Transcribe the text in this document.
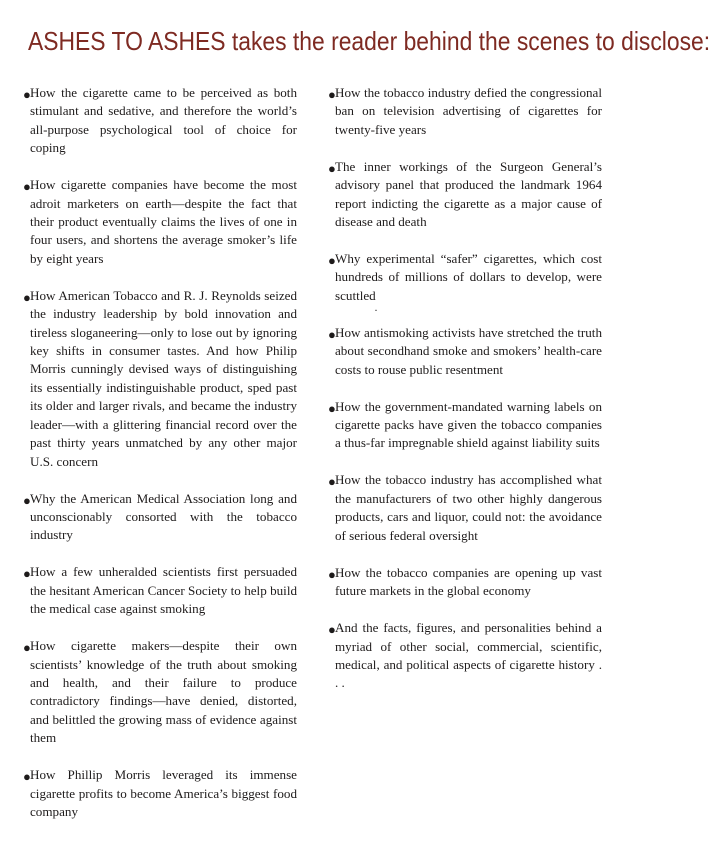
ASHES TO ASHES takes the reader behind the scenes to disclose:
● How the cigarette came to be perceived as both stimulant and sedative, and therefore the world’s all-purpose psychological tool of choice for coping
● How cigarette companies have become the most adroit marketers on earth—despite the fact that their product eventually claims the lives of one in four users, and shortens the average smoker’s life by eight years
● How American Tobacco and R. J. Reynolds seized the industry leadership by bold innovation and tireless sloganeering—only to lose out by ignoring key shifts in consumer tastes. And how Philip Morris cunningly devised ways of distinguishing its essentially indistinguishable product, sped past its older and larger rivals, and became the industry leader—with a glittering financial record over the past thirty years unmatched by any other major U.S. concern
● Why the American Medical Association long and unconscionably consorted with the tobacco industry
● How a few unheralded scientists first persuaded the hesitant American Cancer Society to help build the medical case against smoking
● How cigarette makers—despite their own scientists’ knowledge of the truth about smoking and health, and their failure to produce contradictory findings—have denied, distorted, and belittled the growing mass of evidence against them
● How Phillip Morris leveraged its immense cigarette profits to become America’s biggest food company
● How the tobacco industry defied the congressional ban on television advertising of cigarettes for twenty-five years
● The inner workings of the Surgeon General’s advisory panel that produced the landmark 1964 report indicting the cigarette as a major cause of disease and death
● Why experimental “safer” cigarettes, which cost hundreds of millions of dollars to develop, were scuttled
● How antismoking activists have stretched the truth about secondhand smoke and smokers’ health-care costs to rouse public resentment
● How the government-mandated warning labels on cigarette packs have given the tobacco companies a thus-far impregnable shield against liability suits
● How the tobacco industry has accomplished what the manufacturers of two other highly dangerous products, cars and liquor, could not: the avoidance of serious federal oversight
● How the tobacco companies are opening up vast future markets in the global economy
● And the facts, figures, and personalities behind a myriad of other social, commercial, scientific, medical, and political aspects of cigarette history . . .
·
